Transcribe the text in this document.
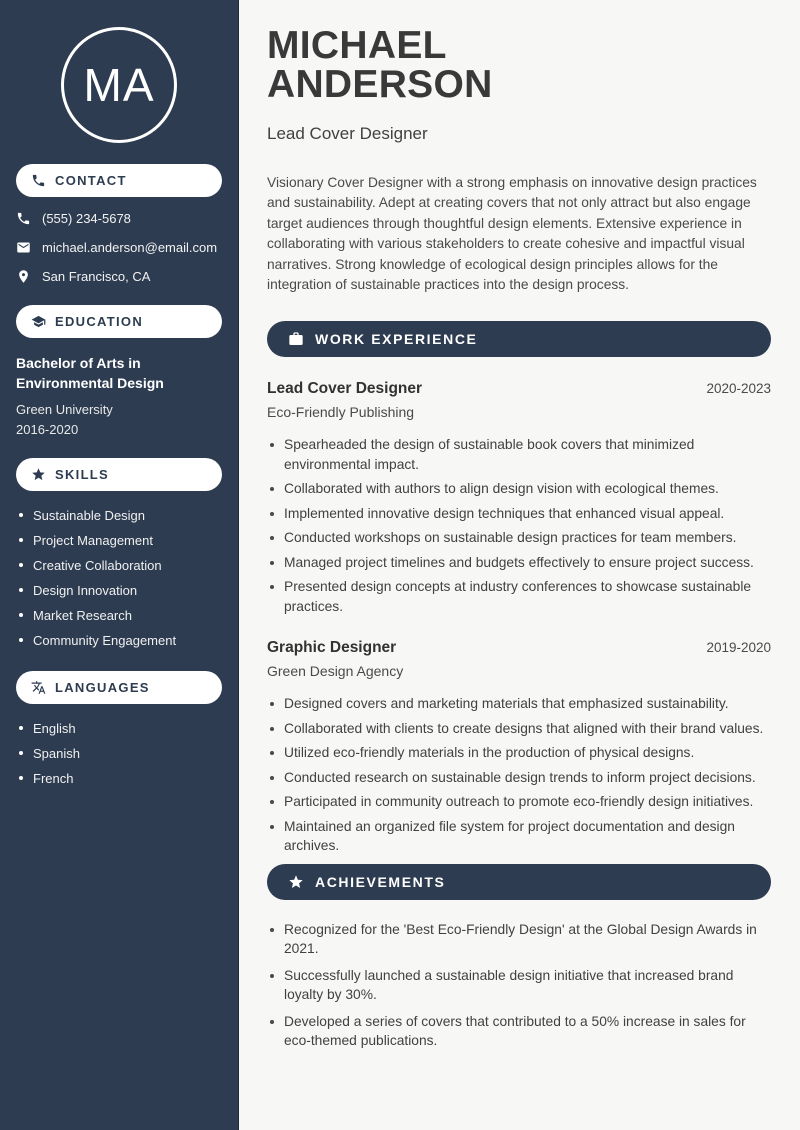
MA
CONTACT
(555) 234-5678
michael.anderson@email.com
San Francisco, CA
EDUCATION
Bachelor of Arts in Environmental Design
Green University
2016-2020
SKILLS
Sustainable Design
Project Management
Creative Collaboration
Design Innovation
Market Research
Community Engagement
LANGUAGES
English
Spanish
French
MICHAEL
ANDERSON
Lead Cover Designer

Visionary Cover Designer with a strong emphasis on innovative design practices and sustainability. Adept at creating covers that not only attract but also engage target audiences through thoughtful design elements. Extensive experience in collaborating with various stakeholders to create cohesive and impactful visual narratives. Strong knowledge of ecological design principles allows for the integration of sustainable practices into the design process.

WORK EXPERIENCE
Lead Cover Designer	2020-2023
Eco-Friendly Publishing
Spearheaded the design of sustainable book covers that minimized environmental impact.
Collaborated with authors to align design vision with ecological themes.
Implemented innovative design techniques that enhanced visual appeal.
Conducted workshops on sustainable design practices for team members.
Managed project timelines and budgets effectively to ensure project success.
Presented design concepts at industry conferences to showcase sustainable practices.
Graphic Designer	2019-2020
Green Design Agency
Designed covers and marketing materials that emphasized sustainability.
Collaborated with clients to create designs that aligned with their brand values.
Utilized eco-friendly materials in the production of physical designs.
Conducted research on sustainable design trends to inform project decisions.
Participated in community outreach to promote eco-friendly design initiatives.
Maintained an organized file system for project documentation and design archives.
ACHIEVEMENTS
Recognized for the 'Best Eco-Friendly Design' at the Global Design Awards in 2021.
Successfully launched a sustainable design initiative that increased brand loyalty by 30%.
Developed a series of covers that contributed to a 50% increase in sales for eco-themed publications.
